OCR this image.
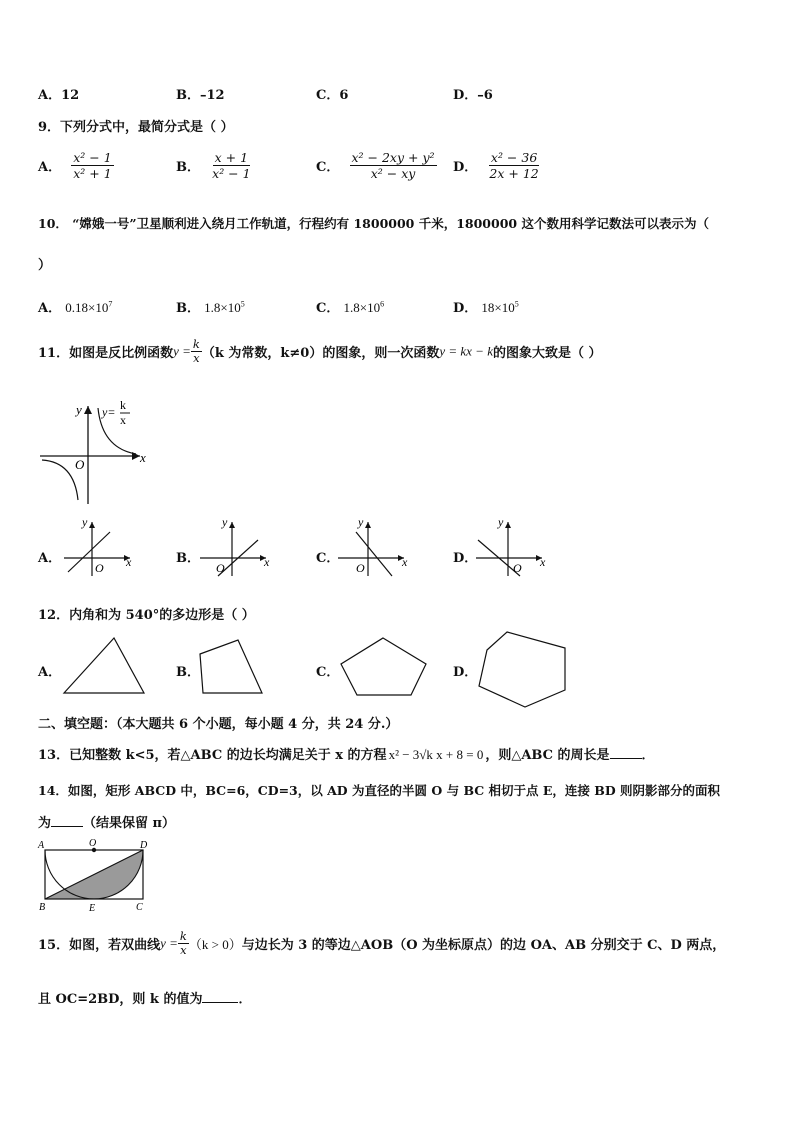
A．12	B．–12	C．6	D．–6
9．下列分式中，最简分式是（ ）
A． $\frac{\text{x² − 1}}{\text{x² + 1}}$	B． $\frac{x + 1}{\text{x² − 1}}$	C． $\frac{\text{x² − 2xy + y²}}{\text{x² − xy}}$ D． $\frac{\text{x² − 36}}{2x + 12}$
10． “嫦娥一号”卫星顺利进入绕月工作轨道，行程约有 1800000 千米，1800000 这个数用科学记数法可以表示为（
）
A． $0.18\times 10^7$	B． $1.8\times 10^5$	C． $1.8\times 10^6$	D． $18\times 10^5$
11．如图是反比例函数$y = \frac{k}{x} (k$ 为常数，k≠0）的图象，则一次函数y = kx − k的图象大致是（ ）
y
x
O
y= k
x
A．
y
x
O
B．
y
x
O
C．
y
x
O
D．
y
x
O
12．内角和为 540°的多边形是（ ）
A．	B．	C．	D．
二、填空题：（本大题共 6 个小题，每小题 4 分，共 24 分.）
13．已知整数 k<5，若△ABC 的边长均满足关于 x 的方程 x² − 3√k x + 8 = 0 ，则△ABC 的周长是 ．
14．如图，矩形 ABCD 中，BC=6，CD=3，以 AD 为直径的半圆 O 与 BC 相切于点 E，连接 BD 则阴影部分的面积
为 （结果保留 π）
A	O	D
B	E	C
15．如图，若双曲线$y = \frac{k}{x} (k > 0)$与边长为 3 的等边△AOB（O 为坐标原点）的边 OA、AB 分别交于 C、D 两点，
且 OC=2BD，则 k 的值为	．
